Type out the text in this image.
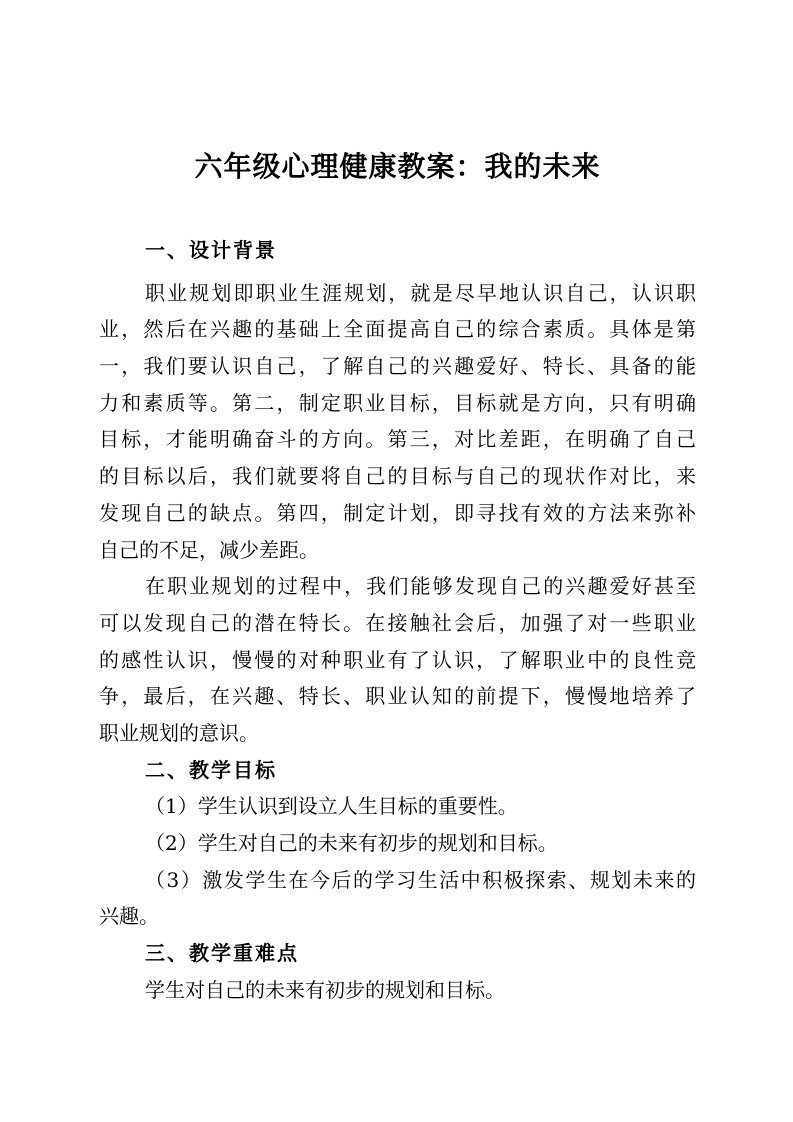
六年级心理健康教案：我的未来
一、设计背景
职业规划即职业生涯规划，就是尽早地认识自己，认识职
业，然后在兴趣的基础上全面提高自己的综合素质。具体是第
一，我们要认识自己，了解自己的兴趣爱好、特长、具备的能
力和素质等。第二，制定职业目标，目标就是方向，只有明确
目标，才能明确奋斗的方向。第三，对比差距，在明确了自己
的目标以后，我们就要将自己的目标与自己的现状作对比，来
发现自己的缺点。第四，制定计划，即寻找有效的方法来弥补
自己的不足，减少差距。
在职业规划的过程中，我们能够发现自己的兴趣爱好甚至
可以发现自己的潜在特长。在接触社会后，加强了对一些职业
的感性认识，慢慢的对种职业有了认识，了解职业中的良性竞
争，最后，在兴趣、特长、职业认知的前提下，慢慢地培养了
职业规划的意识。
二、教学目标
（1）学生认识到设立人生目标的重要性。
（2）学生对自己的未来有初步的规划和目标。
（3）激发学生在今后的学习生活中积极探索、规划未来的
兴趣。
三、教学重难点
学生对自己的未来有初步的规划和目标。
